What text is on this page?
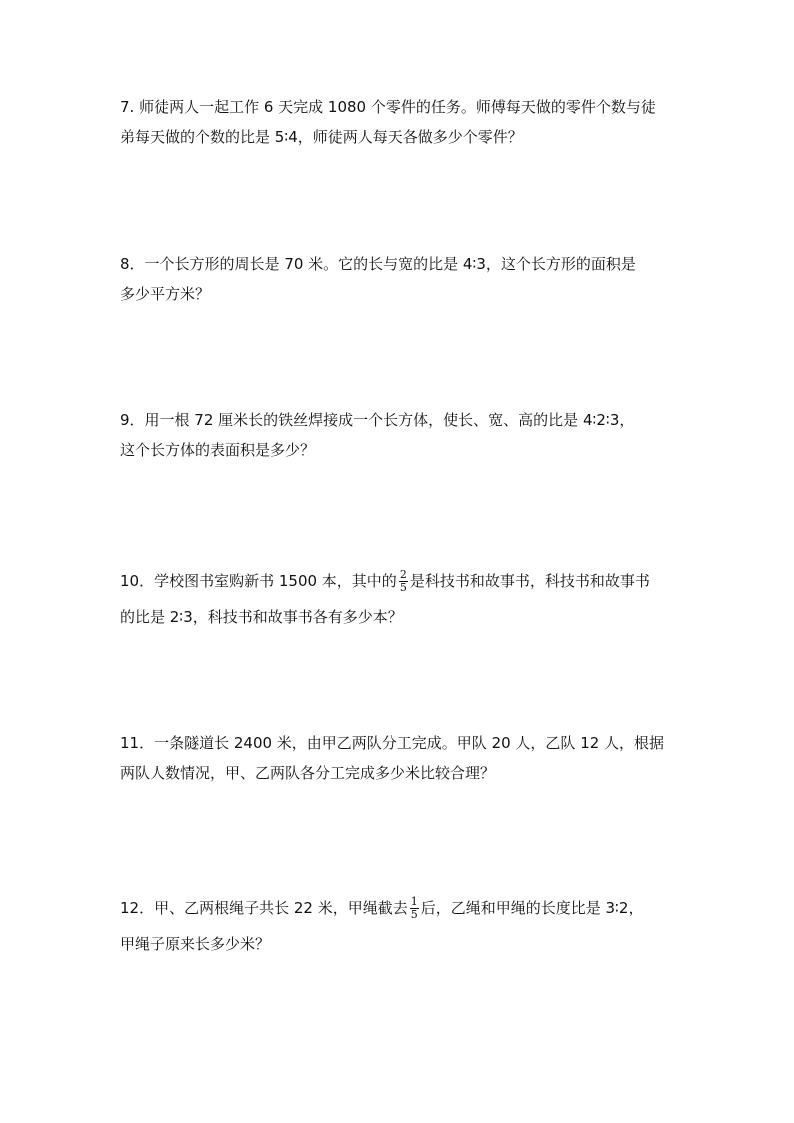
7. 师徒两人一起工作 6 天完成 1080 个零件的任务。师傅每天做的零件个数与徒
弟每天做的个数的比是 5∶4，师徒两人每天各做多少个零件？
8．一个长方形的周长是 70 米。它的长与宽的比是 4∶3，这个长方形的面积是
多少平方米？
9．用一根 72 厘米长的铁丝焊接成一个长方体，使长、宽、高的比是 4∶2∶3，
这个长方体的表面积是多少？
10．学校图书室购新书 1500 本，其中的 $\frac{2}{5}$ 是科技书和故事书，科技书和故事书
的比是 2∶3，科技书和故事书各有多少本？
11．一条隧道长 2400 米，由甲乙两队分工完成。甲队 20 人，乙队 12 人，根据
两队人数情况，甲、乙两队各分工完成多少米比较合理？
12．甲、乙两根绳子共长 22 米，甲绳截去 $\frac{1}{5}$ 后，乙绳和甲绳的长度比是 3∶2，
甲绳子原来长多少米？
